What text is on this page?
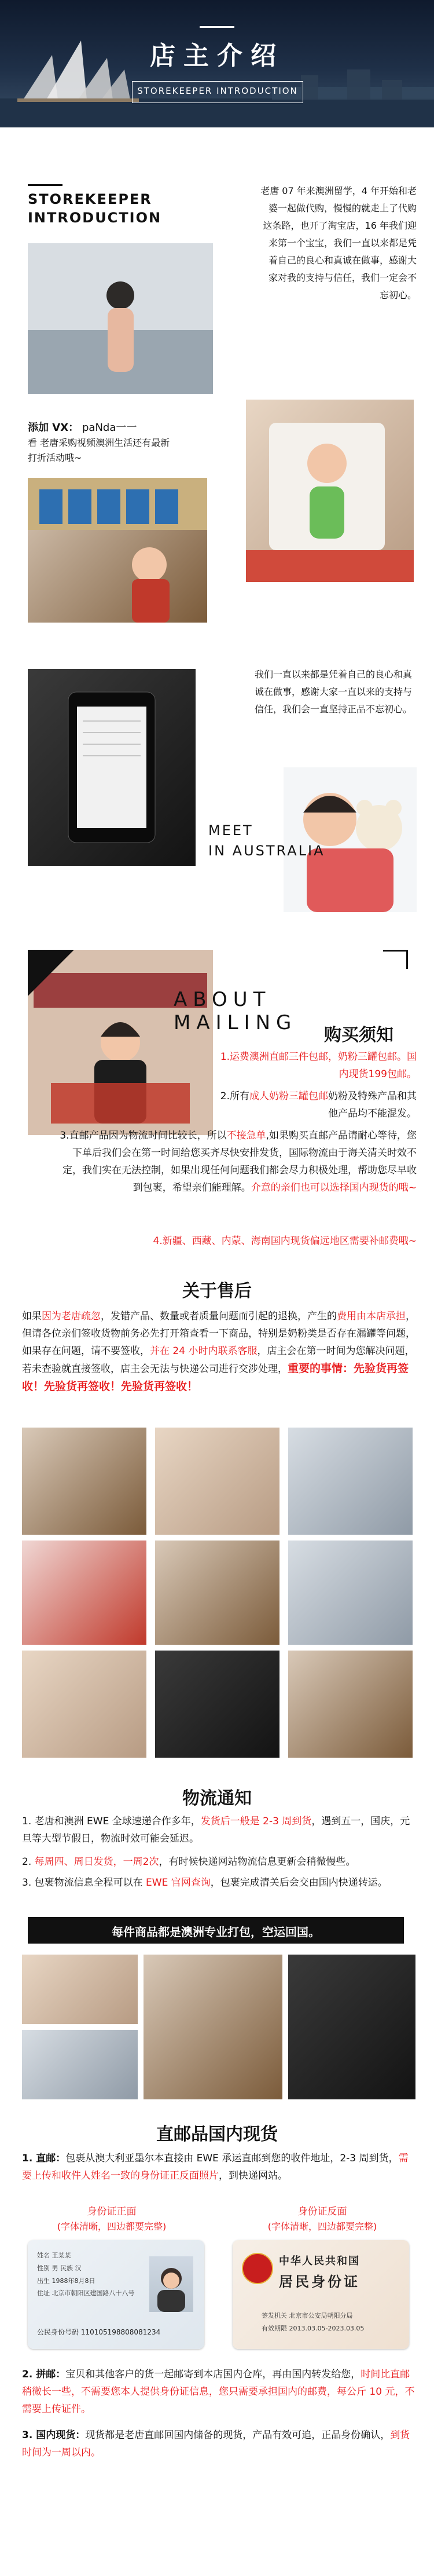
店主介绍
STOREKEEPER INTRODUCTION
STOREKEEPER
INTRODUCTION
老唐 07 年来澳洲留学，4 年开始和老婆一起做代购，慢慢的就走上了代购这条路，也开了淘宝店，16 年我们迎来第一个宝宝，我们一直以来都是凭着自己的良心和真诚在做事，感谢大家对我的支持与信任，我们一定会不忘初心。
添加 VX： paNda一一
看 老唐采购视频澳洲生活还有最新打折活动哦~
我们一直以来都是凭着自己的良心和真诚在做事，感谢大家一直以来的支持与信任，我们会一直坚持正品不忘初心。
MEET
IN AUSTRALIA
ABOUT MAILING
购买须知
1.运费澳洲直邮三件包邮，奶粉三罐包邮。国内现货199包邮。
2.所有成人奶粉三罐包邮奶粉及特殊产品和其他产品均不能混发。
3.直邮产品因为物流时间比较长，所以不接急单,如果购买直邮产品请耐心等待，您下单后我们会在第一时间给您买齐尽快安排发货，国际物流由于海关清关时效不定，我们实在无法控制，如果出现任何问题我们都会尽力积极处理，帮助您尽早收到包裹，希望亲们能理解。介意的亲们也可以选择国内现货的哦~
4.新疆、西藏、内蒙、海南国内现货偏远地区需要补邮费哦~
关于售后
如果因为老唐疏忽，发错产品、数量或者质量问题而引起的退换，产生的费用由本店承担，但请各位亲们签收货物前务必先打开箱查看一下商品，特别是奶粉类是否存在漏罐等问题，如果存在问题，请不要签收，并在 24 小时内联系客服，店主会在第一时间为您解决问题，若未查验就直接签收，店主会无法与快递公司进行交涉处理，重要的事情：先验货再签收！先验货再签收！先验货再签收！
物流通知
1. 老唐和澳洲 EWE 全球速递合作多年，发货后一般是 2-3 周到货，遇到五一，国庆，元旦等大型节假日，物流时效可能会延迟。
2. 每周四、周日发货，一周2次，有时候快递网站物流信息更新会稍微慢些。
3. 包裹物流信息全程可以在 EWE 官网查询，包裹完成清关后会交由国内快递转运。
每件商品都是澳洲专业打包，空运回国。
直邮品国内现货
1. 直邮：包裹从澳大利亚墨尔本直接由 EWE 承运直邮到您的收件地址，2-3 周到货，需要上传和收件人姓名一致的身份证正反面照片，到快递网站。
身份证正面
(字体清晰，四边都要完整)
身份证反面
(字体清晰，四边都要完整)
姓名 王某某
性别 男 民族 汉
出生 1988年8月8日
住址 北京市朝阳区建国路八十八号
公民身份号码 110105198808081234
中华人民共和国
居民身份证
签发机关 北京市公安局朝阳分局
有效期限 2013.03.05-2023.03.05
2. 拼邮：宝贝和其他客户的货一起邮寄到本店国内仓库，再由国内转发给您，时间比直邮稍微长一些，不需要您本人提供身份证信息，您只需要承担国内的邮费，每公斤 10 元，不需要上传证件。
3. 国内现货：现货都是老唐直邮回国内储备的现货，产品有效可追，正品身份确认，到货时间为一周以内。
